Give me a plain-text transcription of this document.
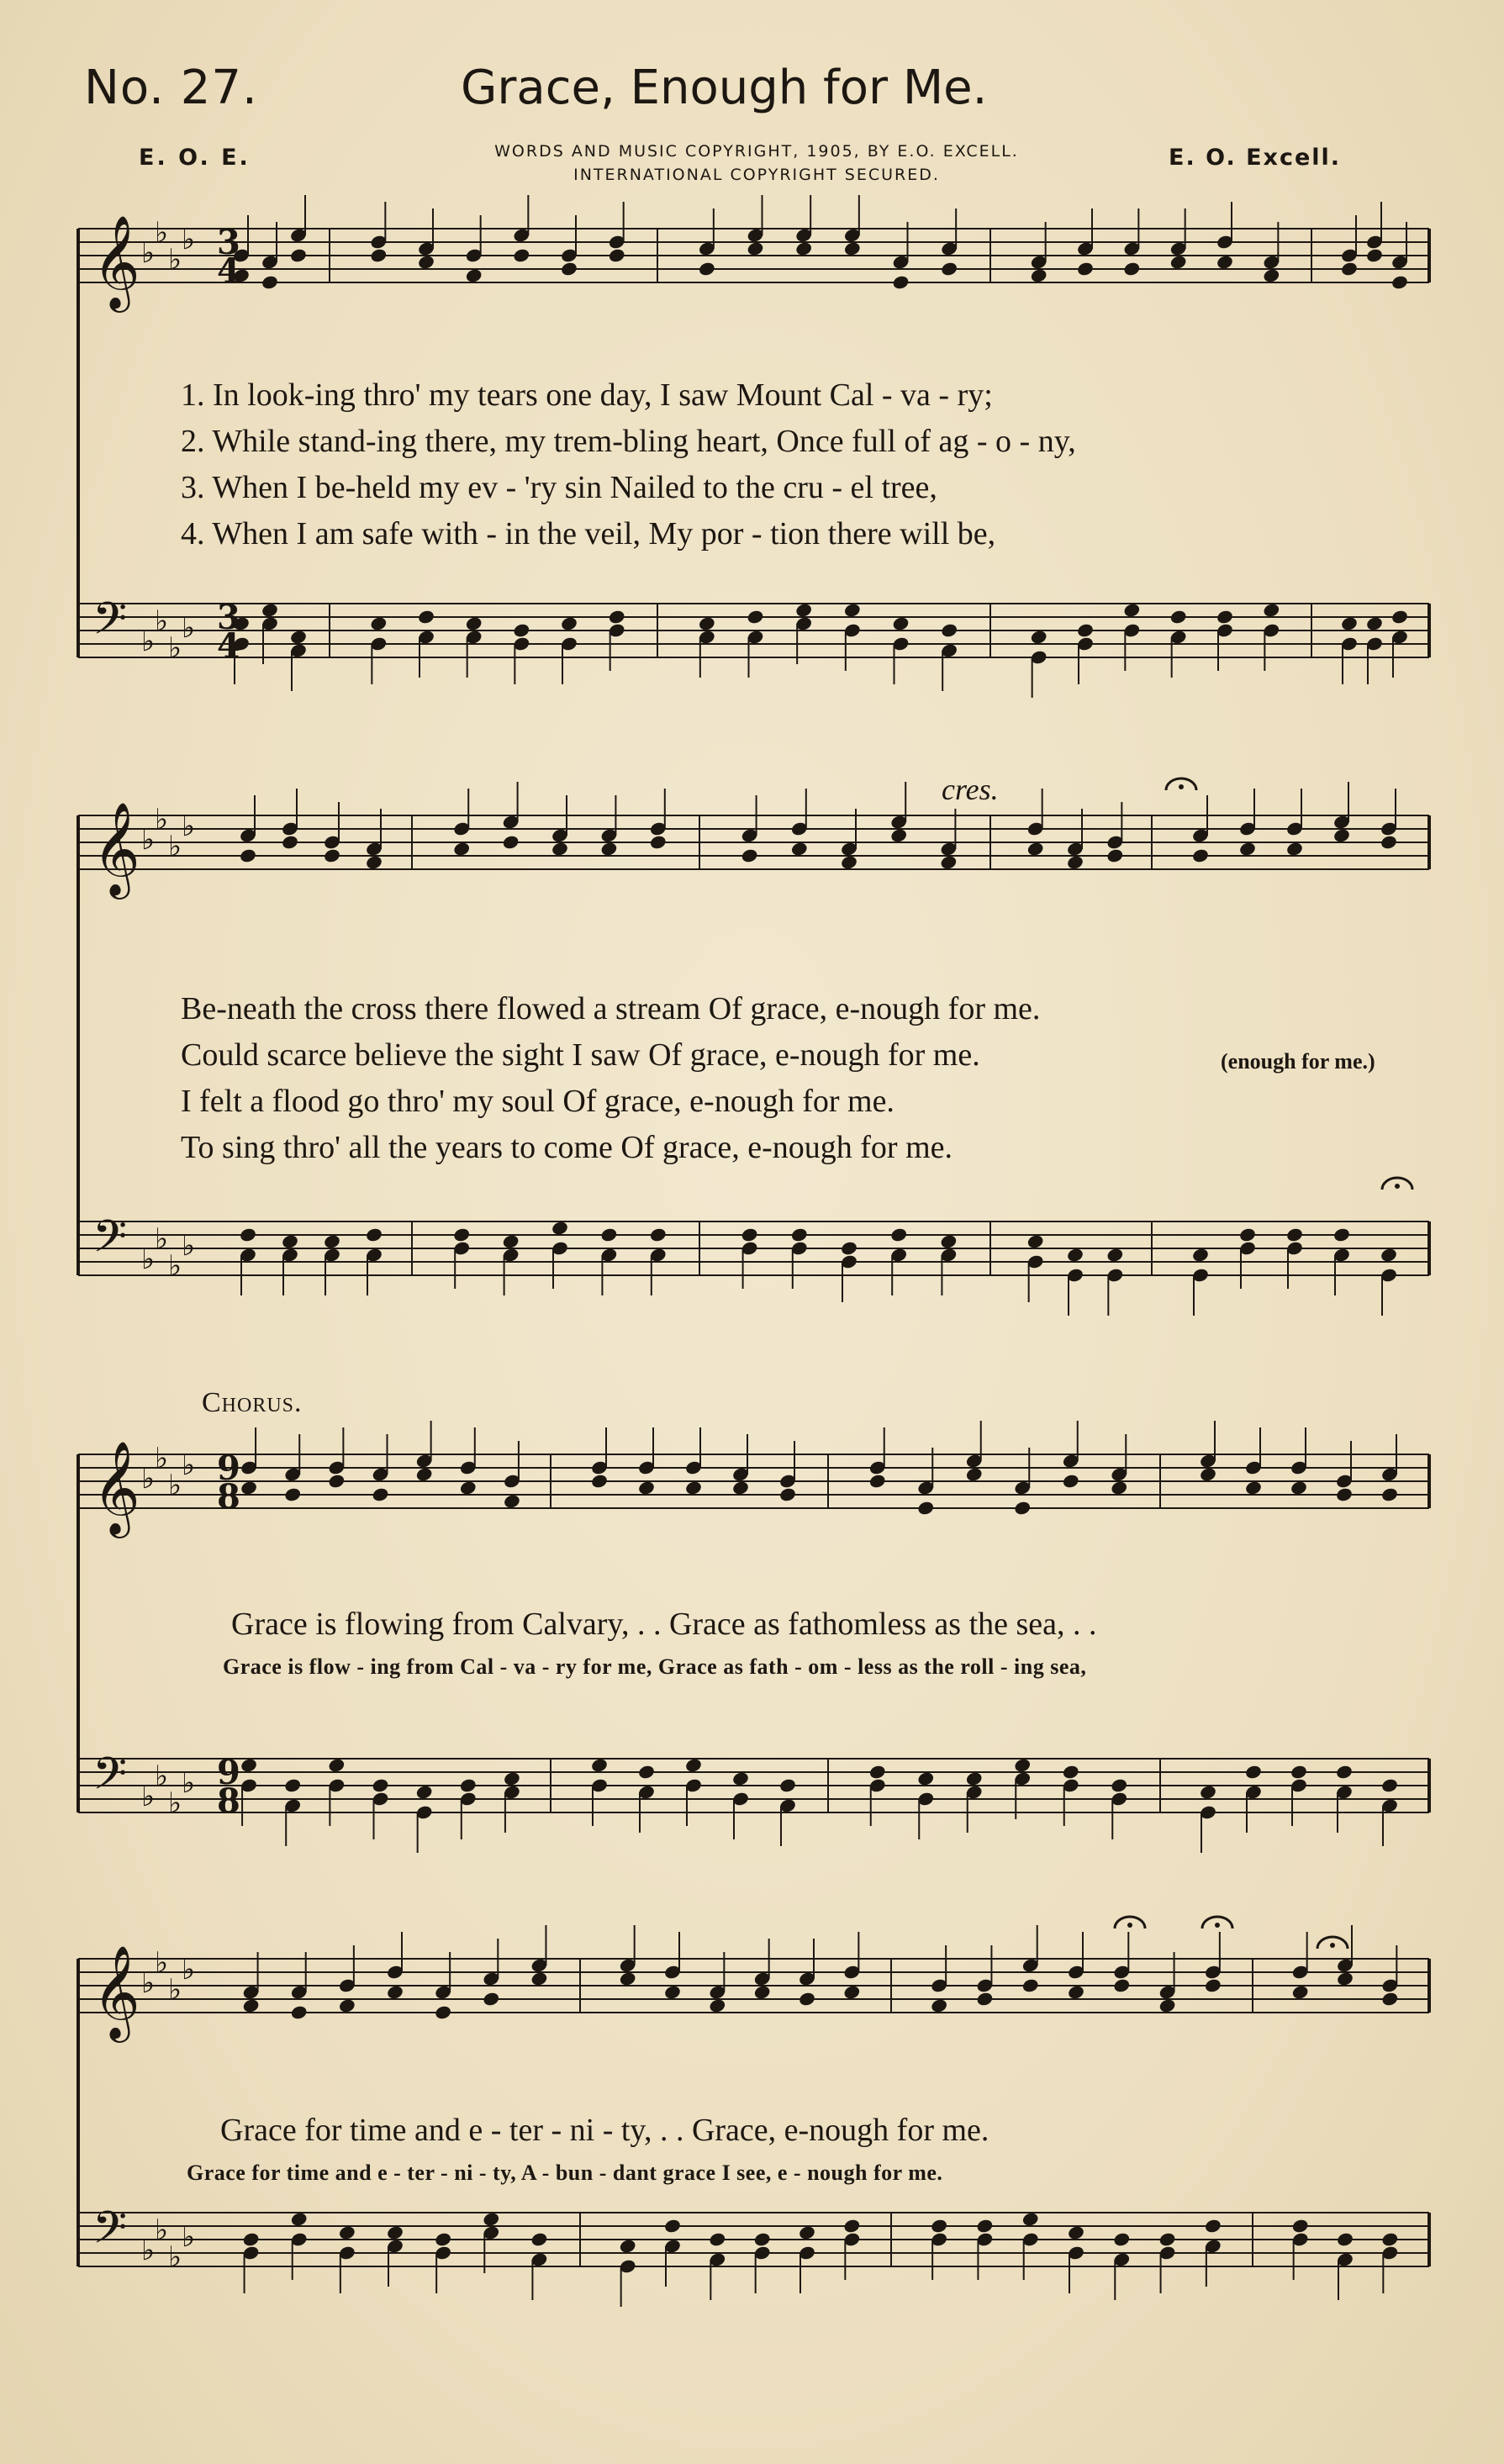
No. 27.	Grace, Enough for Me.
E. O. E.	WORDS AND MUSIC COPYRIGHT, 1905, BY E.O. EXCELL.
INTERNATIONAL COPYRIGHT SECURED.
E. O. Excell.
𝄞 ♭
♭
♭
♭
𝄢 ♭
♭
♭
♭
𝄞 ♭
♭
♭
♭
𝄢 ♭
♭
♭
♭
𝄞 ♭
♭
♭
♭
𝄢 ♭
♭
♭
♭
𝄞 ♭
♭
♭
♭
𝄢 ♭
♭
♭
♭
3
4
3
4
9
8
9
8
1. In look-ing thro' my tears one day, I saw Mount Cal - va - ry;
2. While stand-ing there, my trem-bling heart, Once full of ag - o - ny,
3. When I be-held my ev - 'ry sin Nailed to the cru - el tree,
4. When I am safe with - in the veil, My por - tion there will be,
cres.
Be-neath the cross there flowed a stream Of grace, e-nough for me.
Could scarce believe the sight I saw Of grace, e-nough for me.	(enough for me.)
I felt a flood go thro' my soul Of grace, e-nough for me.
To sing thro' all the years to come Of grace, e-nough for me.
Chorus.
Grace is flowing from Calvary, . . Grace as fathomless as the sea, . .
Grace is flow - ing from Cal - va - ry for me, Grace as fath - om - less as the roll - ing sea,
Grace for time and e - ter - ni - ty, . . Grace, e-nough for me.
Grace for time and e - ter - ni - ty, A - bun - dant grace I see, e - nough for me.
